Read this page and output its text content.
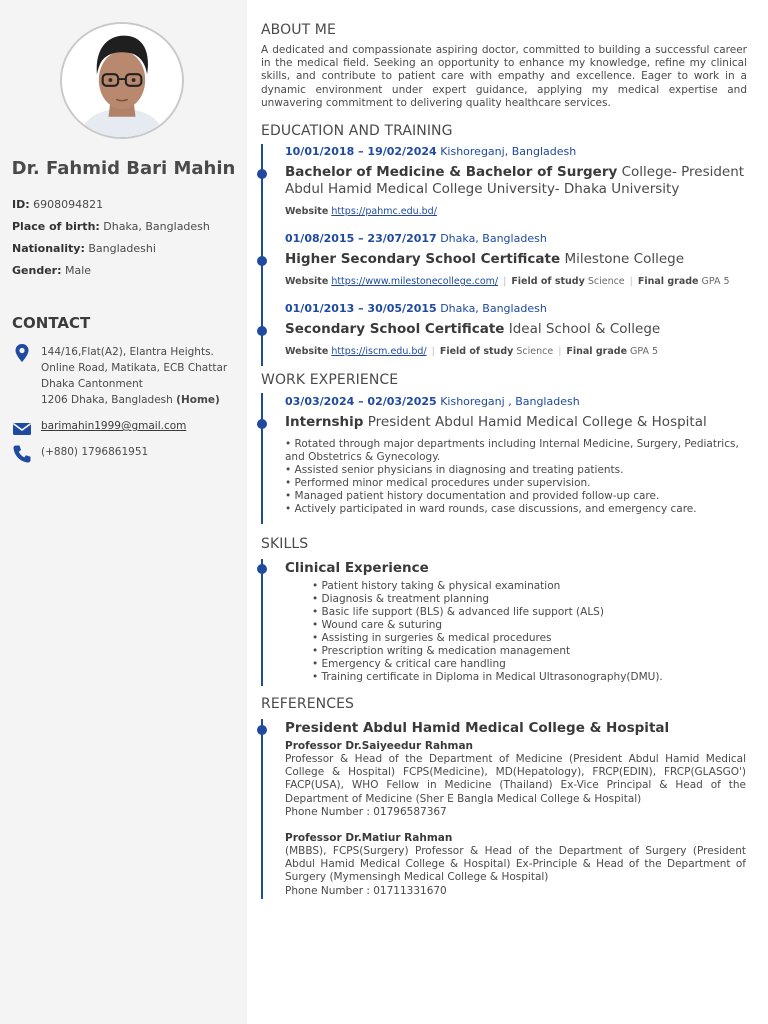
Dr. Fahmid Bari Mahin
ID: 6908094821
Place of birth: Dhaka, Bangladesh
Nationality: Bangladeshi
Gender: Male
CONTACT
144/16,Flat(A2), Elantra Heights.
Online Road, Matikata, ECB Chattar
Dhaka Cantonment
1206 Dhaka, Bangladesh (Home)
barimahin1999@gmail.com
(+880) 1796861951
ABOUT ME
A dedicated and compassionate aspiring doctor, committed to building a successful career in the medical field. Seeking an opportunity to enhance my knowledge, refine my clinical skills, and contribute to patient care with empathy and excellence. Eager to work in a dynamic environment under expert guidance, applying my medical expertise and unwavering commitment to delivering quality healthcare services.
EDUCATION AND TRAINING
10/01/2018 – 19/02/2024 Kishoreganj, Bangladesh
Bachelor of Medicine & Bachelor of Surgery College- President Abdul Hamid Medical College University- Dhaka University
Website https://pahmc.edu.bd/
01/08/2015 – 23/07/2017 Dhaka, Bangladesh
Higher Secondary School Certificate Milestone College
Website https://www.milestonecollege.com/ | Field of study Science | Final grade GPA 5
01/01/2013 – 30/05/2015 Dhaka, Bangladesh
Secondary School Certificate Ideal School & College
Website https://iscm.edu.bd/ | Field of study Science | Final grade GPA 5
WORK EXPERIENCE
03/03/2024 – 02/03/2025 Kishoreganj , Bangladesh
Internship President Abdul Hamid Medical College & Hospital
• Rotated through major departments including Internal Medicine, Surgery, Pediatrics, and Obstetrics & Gynecology.
• Assisted senior physicians in diagnosing and treating patients.
• Performed minor medical procedures under supervision.
• Managed patient history documentation and provided follow-up care.
• Actively participated in ward rounds, case discussions, and emergency care.
SKILLS
Clinical Experience
• Patient history taking & physical examination
• Diagnosis & treatment planning
• Basic life support (BLS) & advanced life support (ALS)
• Wound care & suturing
• Assisting in surgeries & medical procedures
• Prescription writing & medication management
• Emergency & critical care handling
• Training certificate in Diploma in Medical Ultrasonography(DMU).
REFERENCES
President Abdul Hamid Medical College & Hospital
Professor Dr.Saiyeedur Rahman
Professor & Head of the Department of Medicine (President Abdul Hamid Medical College & Hospital) FCPS(Medicine), MD(Hepatology), FRCP(EDIN), FRCP(GLASGO') FACP(USA), WHO Fellow in Medicine (Thailand) Ex-Vice Principal & Head of the Department of Medicine (Sher E Bangla Medical College & Hospital)
Phone Number : 01796587367
Professor Dr.Matiur Rahman
(MBBS), FCPS(Surgery) Professor & Head of the Department of Surgery (President Abdul Hamid Medical College & Hospital) Ex-Principle & Head of the Department of Surgery (Mymensingh Medical College & Hospital)
Phone Number : 01711331670
